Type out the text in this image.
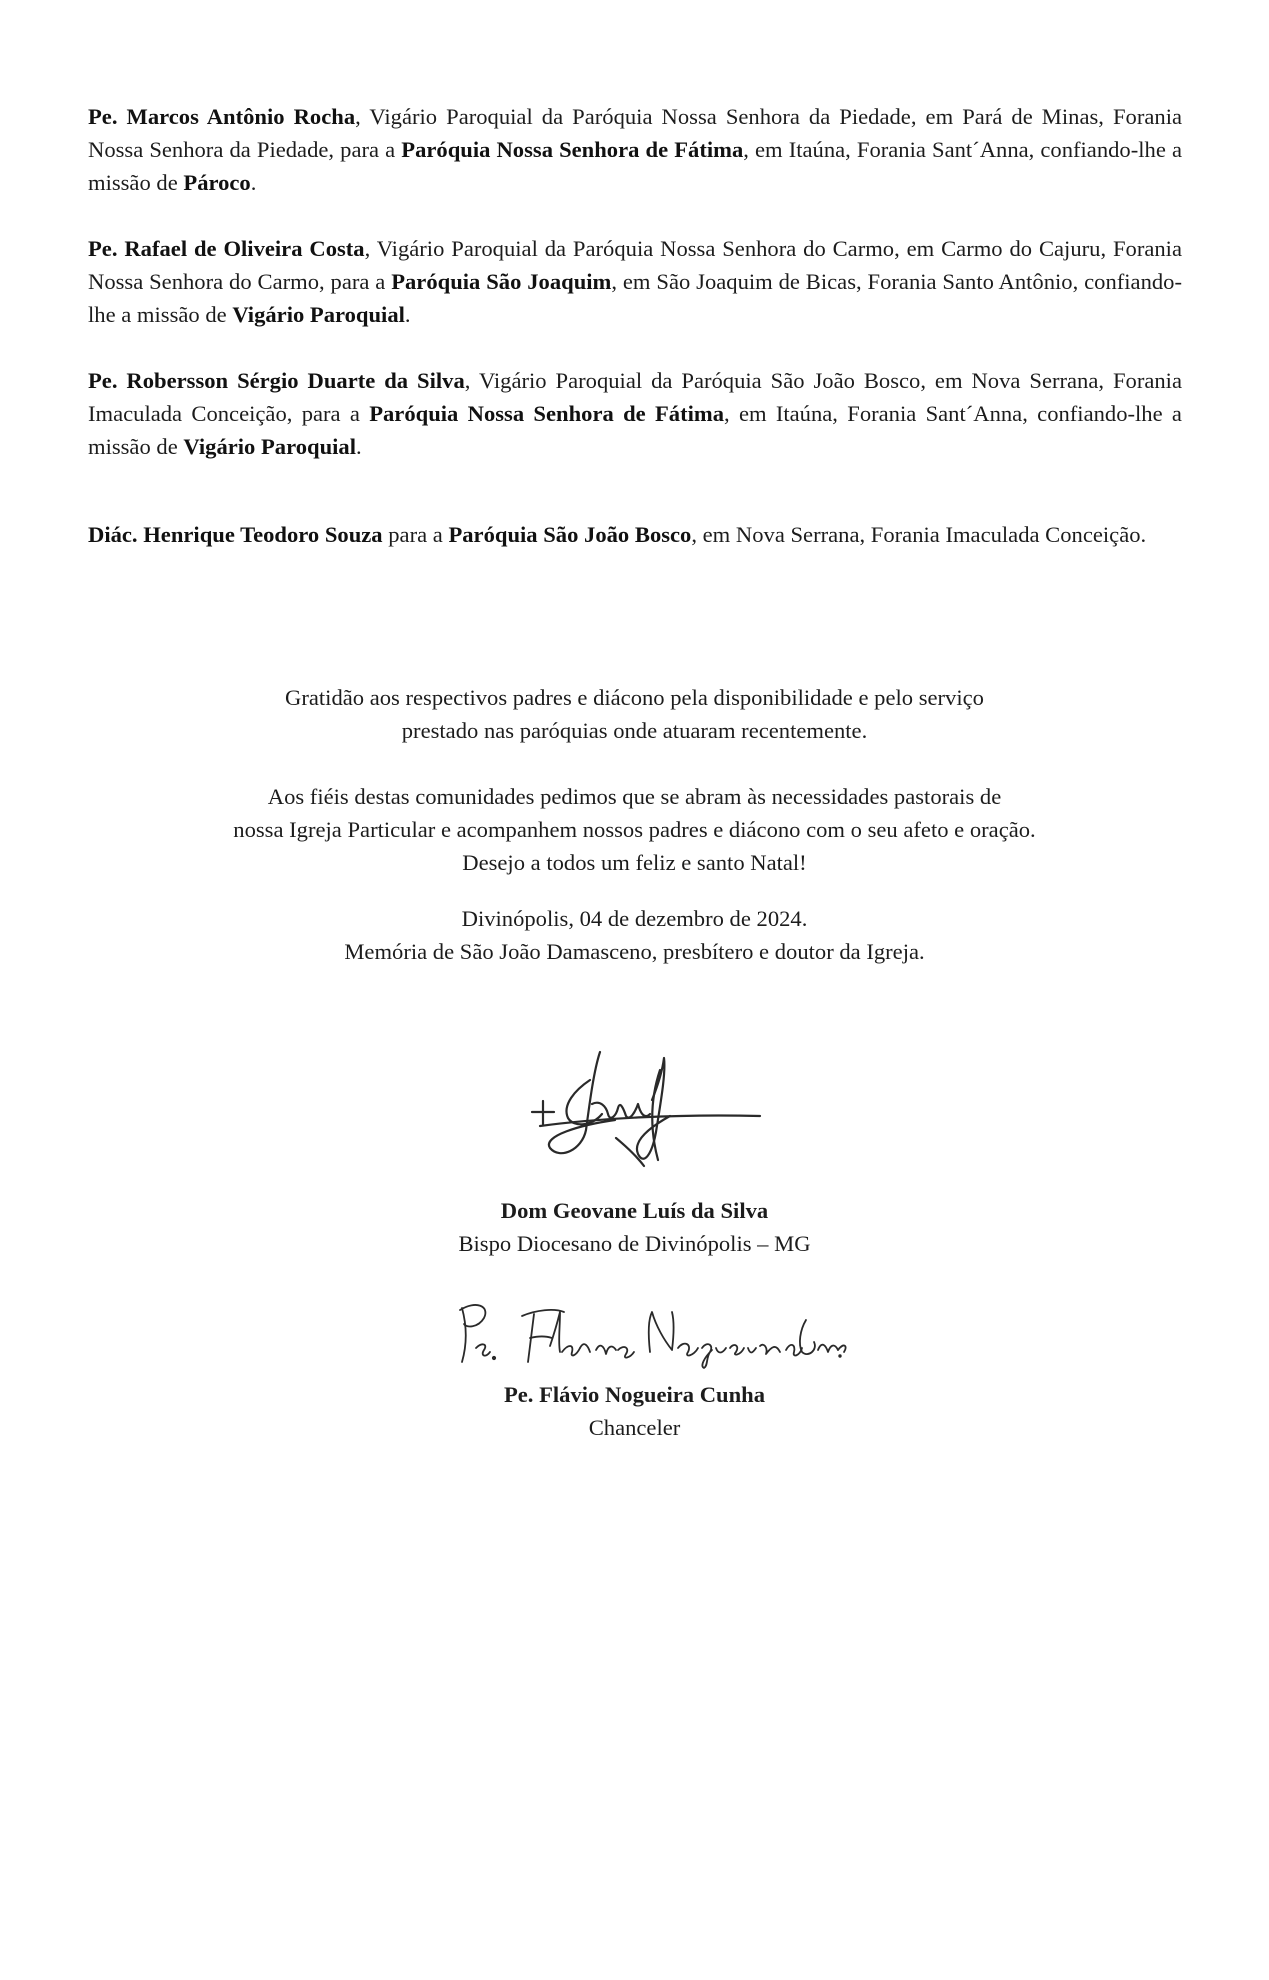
Pe. Marcos Antônio Rocha, Vigário Paroquial da Paróquia Nossa Senhora da Piedade, em Pará de Minas, Forania Nossa Senhora da Piedade, para a Paróquia Nossa Senhora de Fátima, em Itaúna, Forania Sant´Anna, confiando-lhe a missão de Pároco.

Pe. Rafael de Oliveira Costa, Vigário Paroquial da Paróquia Nossa Senhora do Carmo, em Carmo do Cajuru, Forania Nossa Senhora do Carmo, para a Paróquia São Joaquim, em São Joaquim de Bicas, Forania Santo Antônio, confiando-lhe a missão de Vigário Paroquial.

Pe. Robersson Sérgio Duarte da Silva, Vigário Paroquial da Paróquia São João Bosco, em Nova Serrana, Forania Imaculada Conceição, para a Paróquia Nossa Senhora de Fátima, em Itaúna, Forania Sant´Anna, confiando-lhe a missão de Vigário Paroquial.

Diác. Henrique Teodoro Souza para a Paróquia São João Bosco, em Nova Serrana, Forania Imaculada Conceição.

Gratidão aos respectivos padres e diácono pela disponibilidade e pelo serviço

prestado nas paróquias onde atuaram recentemente.

Aos fiéis destas comunidades pedimos que se abram às necessidades pastorais de

nossa Igreja Particular e acompanhem nossos padres e diácono com o seu afeto e oração.

Desejo a todos um feliz e santo Natal!

Divinópolis, 04 de dezembro de 2024.

Memória de São João Damasceno, presbítero e doutor da Igreja.

Dom Geovane Luís da Silva

Bispo Diocesano de Divinópolis – MG

Pe. Flávio Nogueira Cunha

Chanceler
